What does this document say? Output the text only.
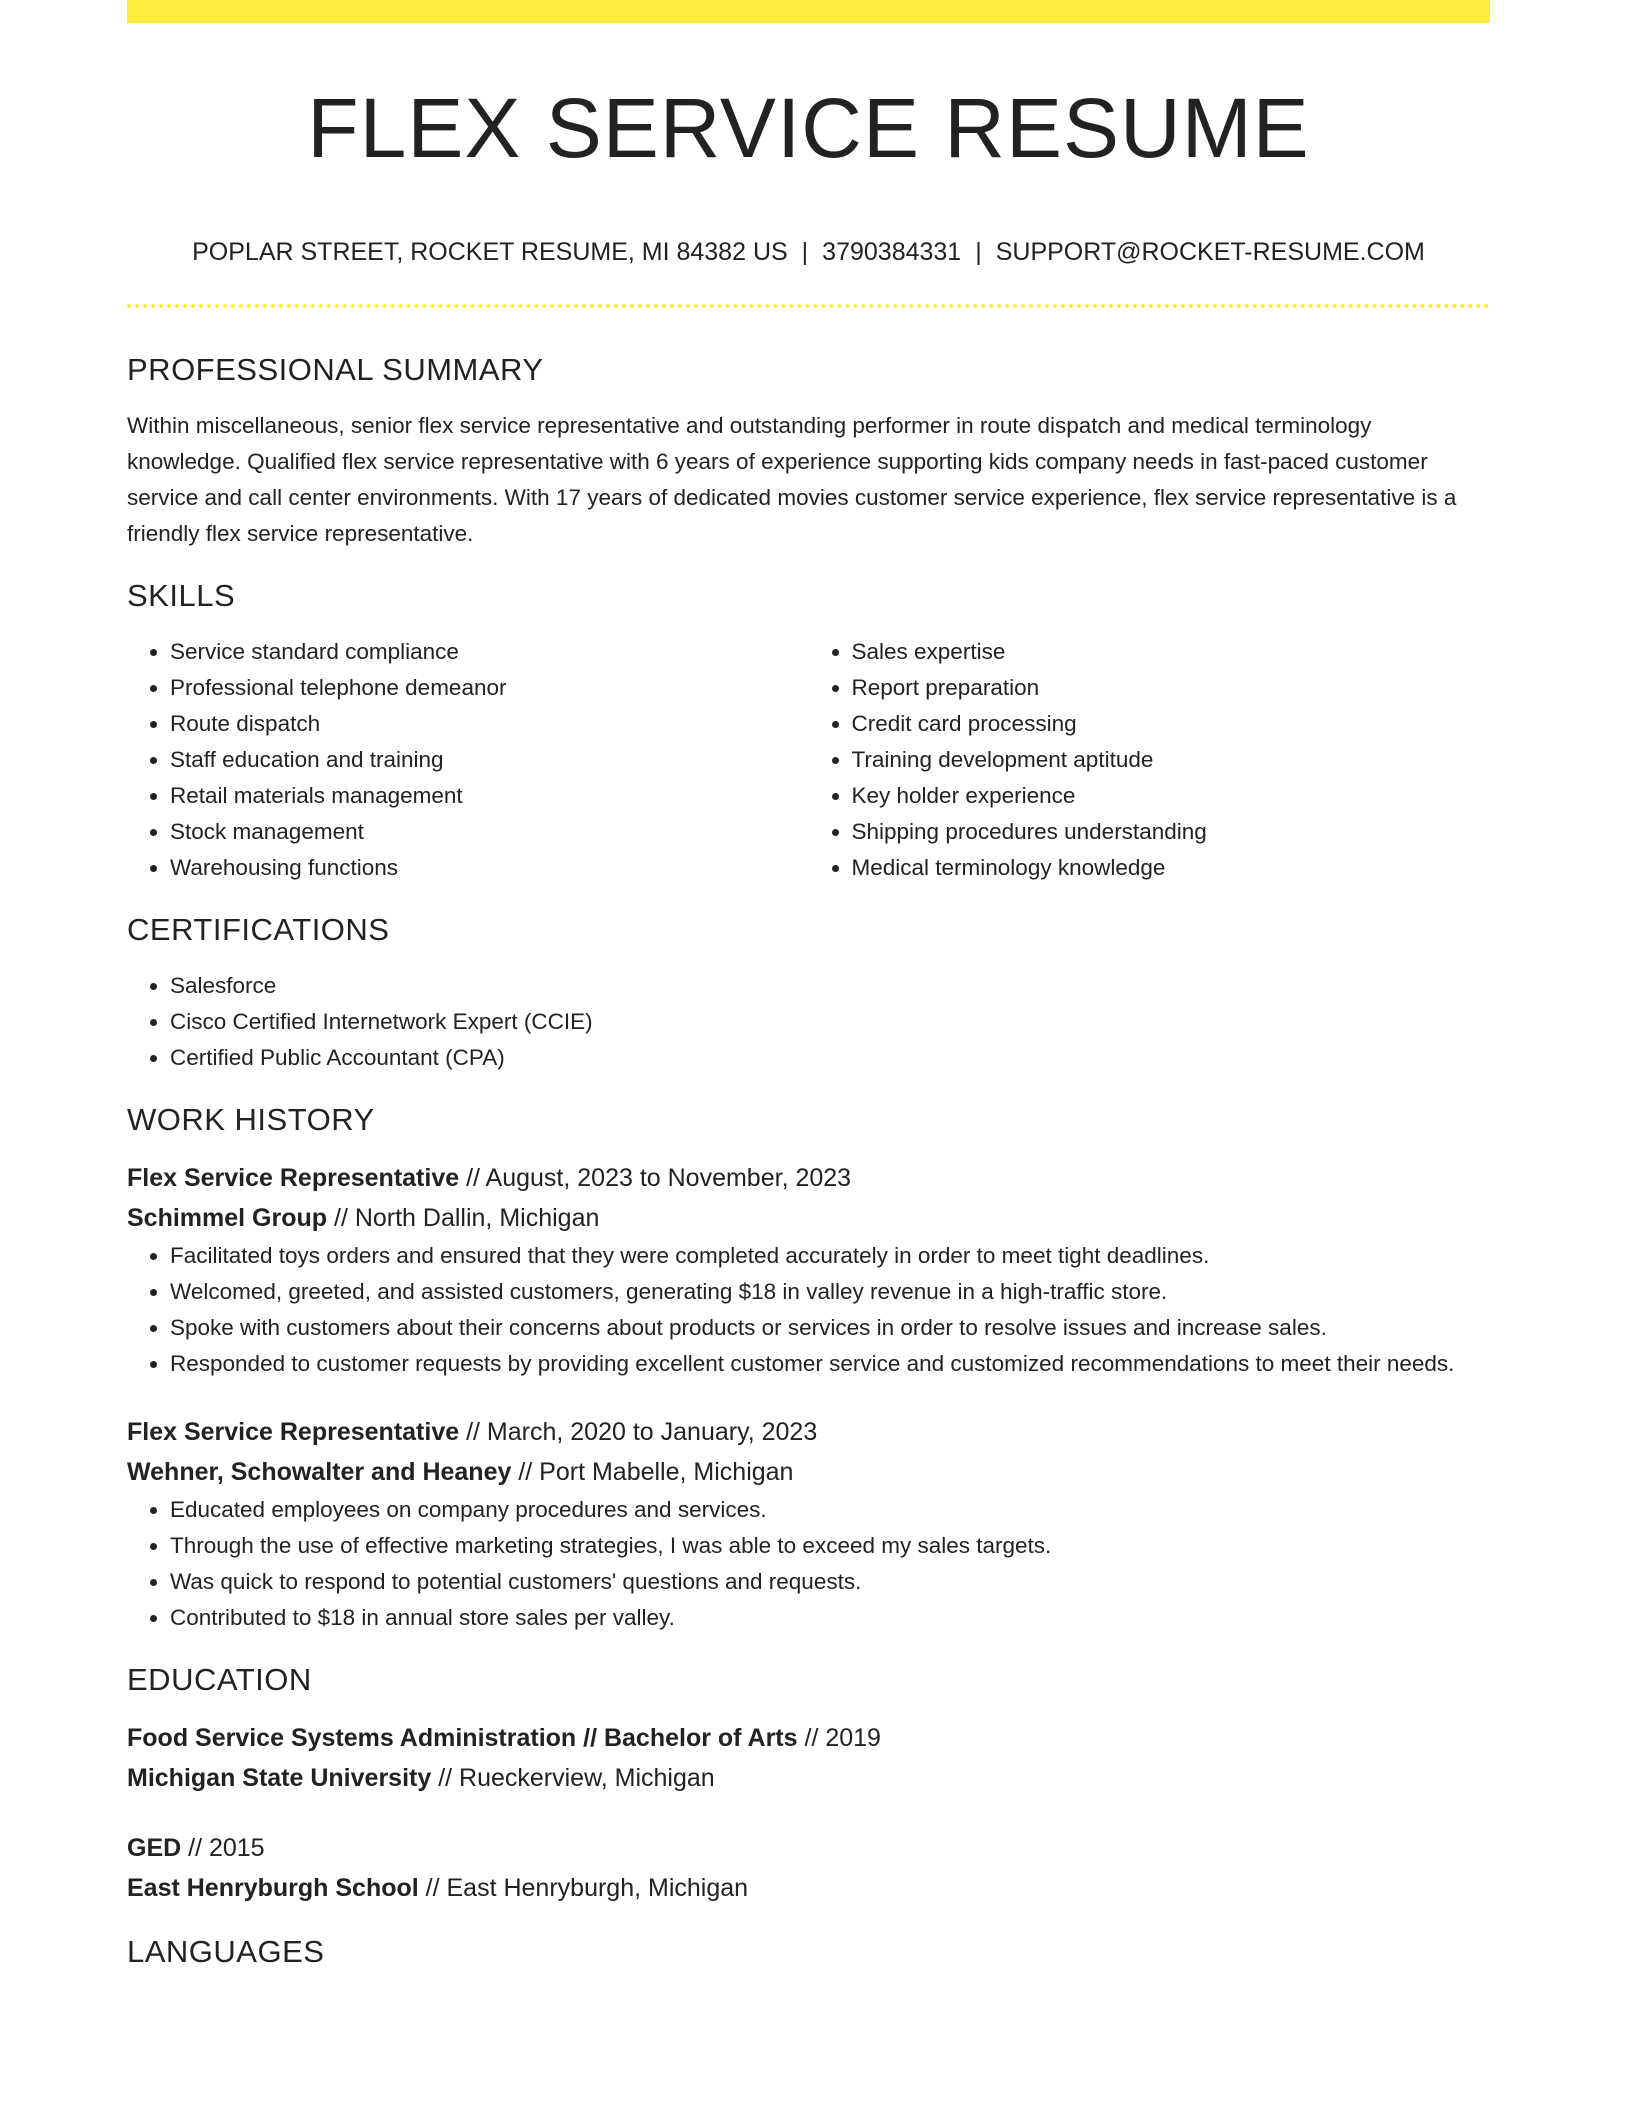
FLEX SERVICE RESUME
POPLAR STREET, ROCKET RESUME, MI 84382 US | 3790384331 | SUPPORT@ROCKET-RESUME.COM
PROFESSIONAL SUMMARY

Within miscellaneous, senior flex service representative and outstanding performer in route dispatch and medical terminology knowledge. Qualified flex service representative with 6 years of experience supporting kids company needs in fast-paced customer service and call center environments. With 17 years of dedicated movies customer service experience, flex service representative is a friendly flex service representative.

SKILLS
• Service standard compliance
• Professional telephone demeanor
• Route dispatch
• Staff education and training
• Retail materials management
• Stock management
• Warehousing functions
• Sales expertise
• Report preparation
• Credit card processing
• Training development aptitude
• Key holder experience
• Shipping procedures understanding
• Medical terminology knowledge
CERTIFICATIONS
• Salesforce
• Cisco Certified Internetwork Expert (CCIE)
• Certified Public Accountant (CPA)
WORK HISTORY
Flex Service Representative // August, 2023 to November, 2023
Schimmel Group // North Dallin, Michigan
• Facilitated toys orders and ensured that they were completed accurately in order to meet tight deadlines.
• Welcomed, greeted, and assisted customers, generating $18 in valley revenue in a high-traffic store.
• Spoke with customers about their concerns about products or services in order to resolve issues and increase sales.
• Responded to customer requests by providing excellent customer service and customized recommendations to meet their needs.
Flex Service Representative // March, 2020 to January, 2023
Wehner, Schowalter and Heaney // Port Mabelle, Michigan
• Educated employees on company procedures and services.
• Through the use of effective marketing strategies, I was able to exceed my sales targets.
• Was quick to respond to potential customers' questions and requests.
• Contributed to $18 in annual store sales per valley.
EDUCATION
Food Service Systems Administration // Bachelor of Arts // 2019
Michigan State University // Rueckerview, Michigan
GED // 2015
East Henryburgh School // East Henryburgh, Michigan
LANGUAGES
